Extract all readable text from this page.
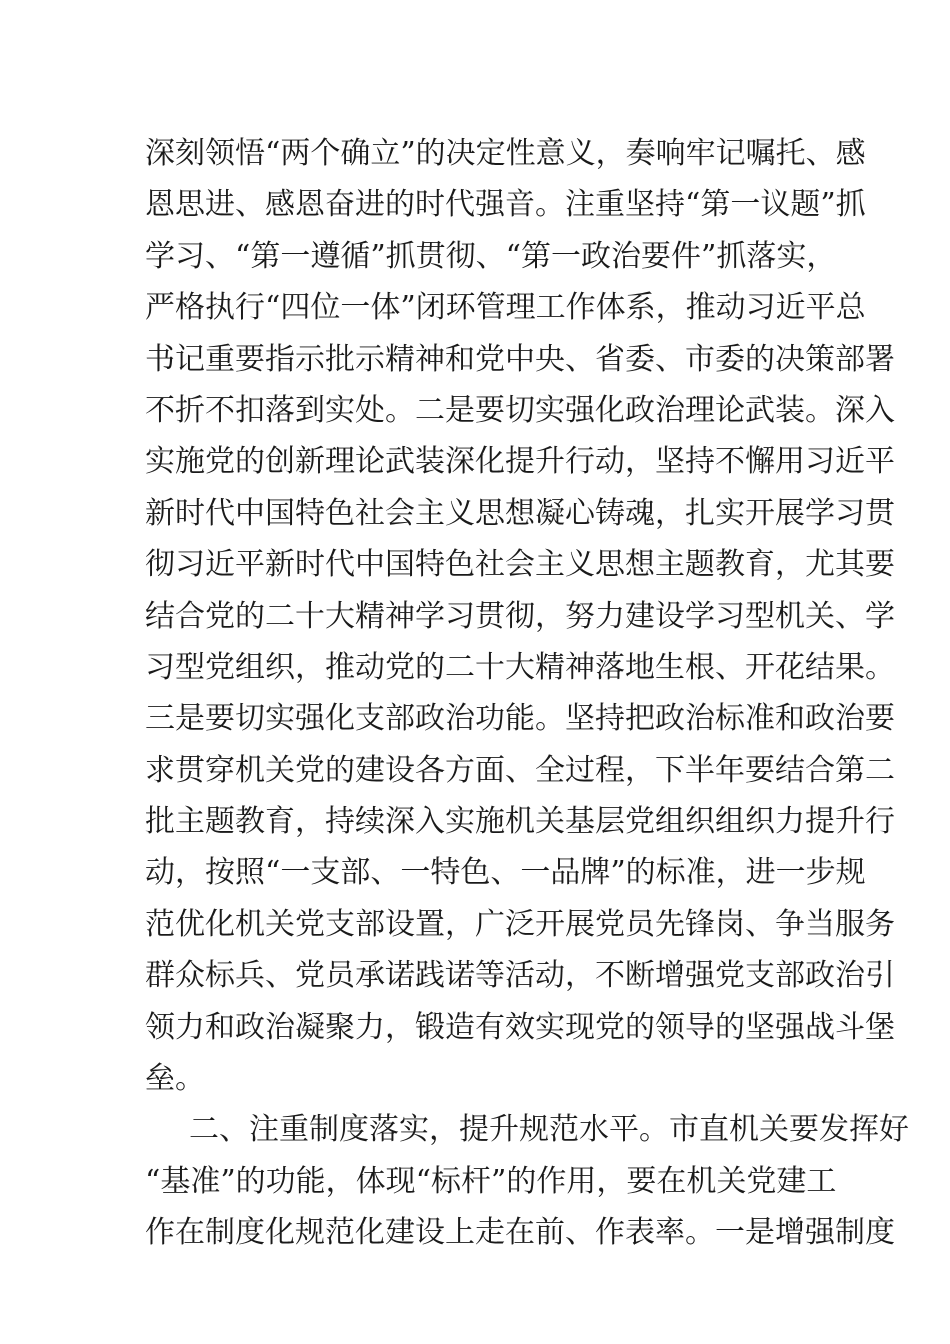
深刻领悟“两个确立”的决定性意义，奏响牢记嘱托、感
恩思进、感恩奋进的时代强音。注重坚持“第一议题”抓
学习、“第一遵循”抓贯彻、“第一政治要件”抓落实，
严格执行“四位一体”闭环管理工作体系，推动习近平总
书记重要指示批示精神和党中央、省委、市委的决策部署
不折不扣落到实处。二是要切实强化政治理论武装。深入
实施党的创新理论武装深化提升行动，坚持不懈用习近平
新时代中国特色社会主义思想凝心铸魂，扎实开展学习贯
彻习近平新时代中国特色社会主义思想主题教育，尤其要
结合党的二十大精神学习贯彻，努力建设学习型机关、学
习型党组织，推动党的二十大精神落地生根、开花结果。
三是要切实强化支部政治功能。坚持把政治标准和政治要
求贯穿机关党的建设各方面、全过程，下半年要结合第二
批主题教育，持续深入实施机关基层党组织组织力提升行
动，按照“一支部、一特色、一品牌”的标准，进一步规
范优化机关党支部设置，广泛开展党员先锋岗、争当服务
群众标兵、党员承诺践诺等活动，不断增强党支部政治引
领力和政治凝聚力，锻造有效实现党的领导的坚强战斗堡
垒。
二、注重制度落实，提升规范水平。市直机关要发挥好
“基准”的功能，体现“标杆”的作用，要在机关党建工
作在制度化规范化建设上走在前、作表率。一是增强制度
